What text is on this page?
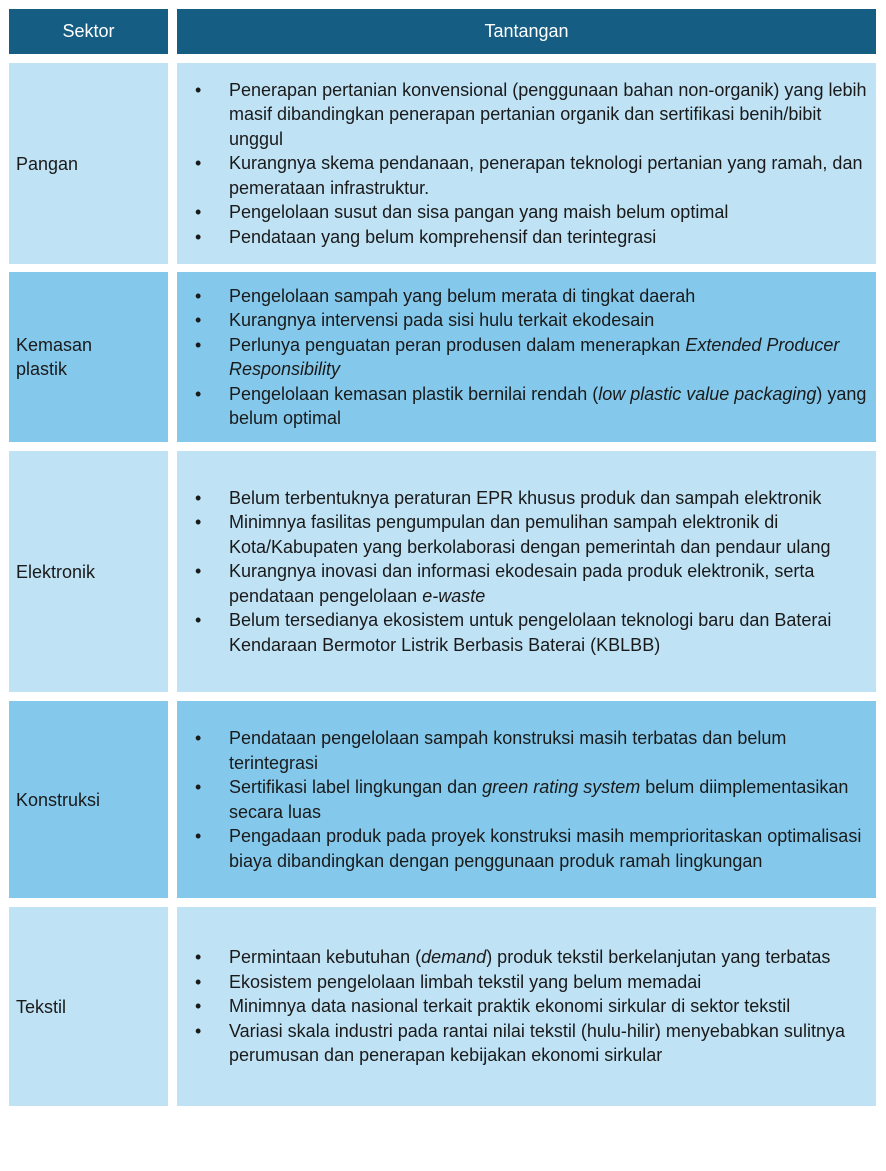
Sektor	Tantangan
Pangan
• Penerapan pertanian konvensional (penggunaan bahan non-organik) yang lebih masif dibandingkan penerapan pertanian organik dan sertifikasi benih/bibit unggul
• Kurangnya skema pendanaan, penerapan teknologi pertanian yang ramah, dan pemerataan infrastruktur.
• Pengelolaan susut dan sisa pangan yang maish belum optimal
• Pendataan yang belum komprehensif dan terintegrasi
Kemasan plastik
• Pengelolaan sampah yang belum merata di tingkat daerah
• Kurangnya intervensi pada sisi hulu terkait ekodesain
• Perlunya penguatan peran produsen dalam menerapkan Extended Producer Responsibility
• Pengelolaan kemasan plastik bernilai rendah (low plastic value packaging) yang belum optimal
Elektronik
• Belum terbentuknya peraturan EPR khusus produk dan sampah elektronik
• Minimnya fasilitas pengumpulan dan pemulihan sampah elektronik di Kota/Kabupaten yang berkolaborasi dengan pemerintah dan pendaur ulang
• Kurangnya inovasi dan informasi ekodesain pada produk elektronik, serta pendataan pengelolaan e-waste
• Belum tersedianya ekosistem untuk pengelolaan teknologi baru dan Baterai Kendaraan Bermotor Listrik Berbasis Baterai (KBLBB)
Konstruksi
• Pendataan pengelolaan sampah konstruksi masih terbatas dan belum terintegrasi
• Sertifikasi label lingkungan dan green rating system belum diimplementasikan secara luas
• Pengadaan produk pada proyek konstruksi masih memprioritaskan optimalisasi biaya dibandingkan dengan penggunaan produk ramah lingkungan
Tekstil
• Permintaan kebutuhan (demand) produk tekstil berkelanjutan yang terbatas
• Ekosistem pengelolaan limbah tekstil yang belum memadai
• Minimnya data nasional terkait praktik ekonomi sirkular di sektor tekstil
• Variasi skala industri pada rantai nilai tekstil (hulu-hilir) menyebabkan sulitnya perumusan dan penerapan kebijakan ekonomi sirkular
